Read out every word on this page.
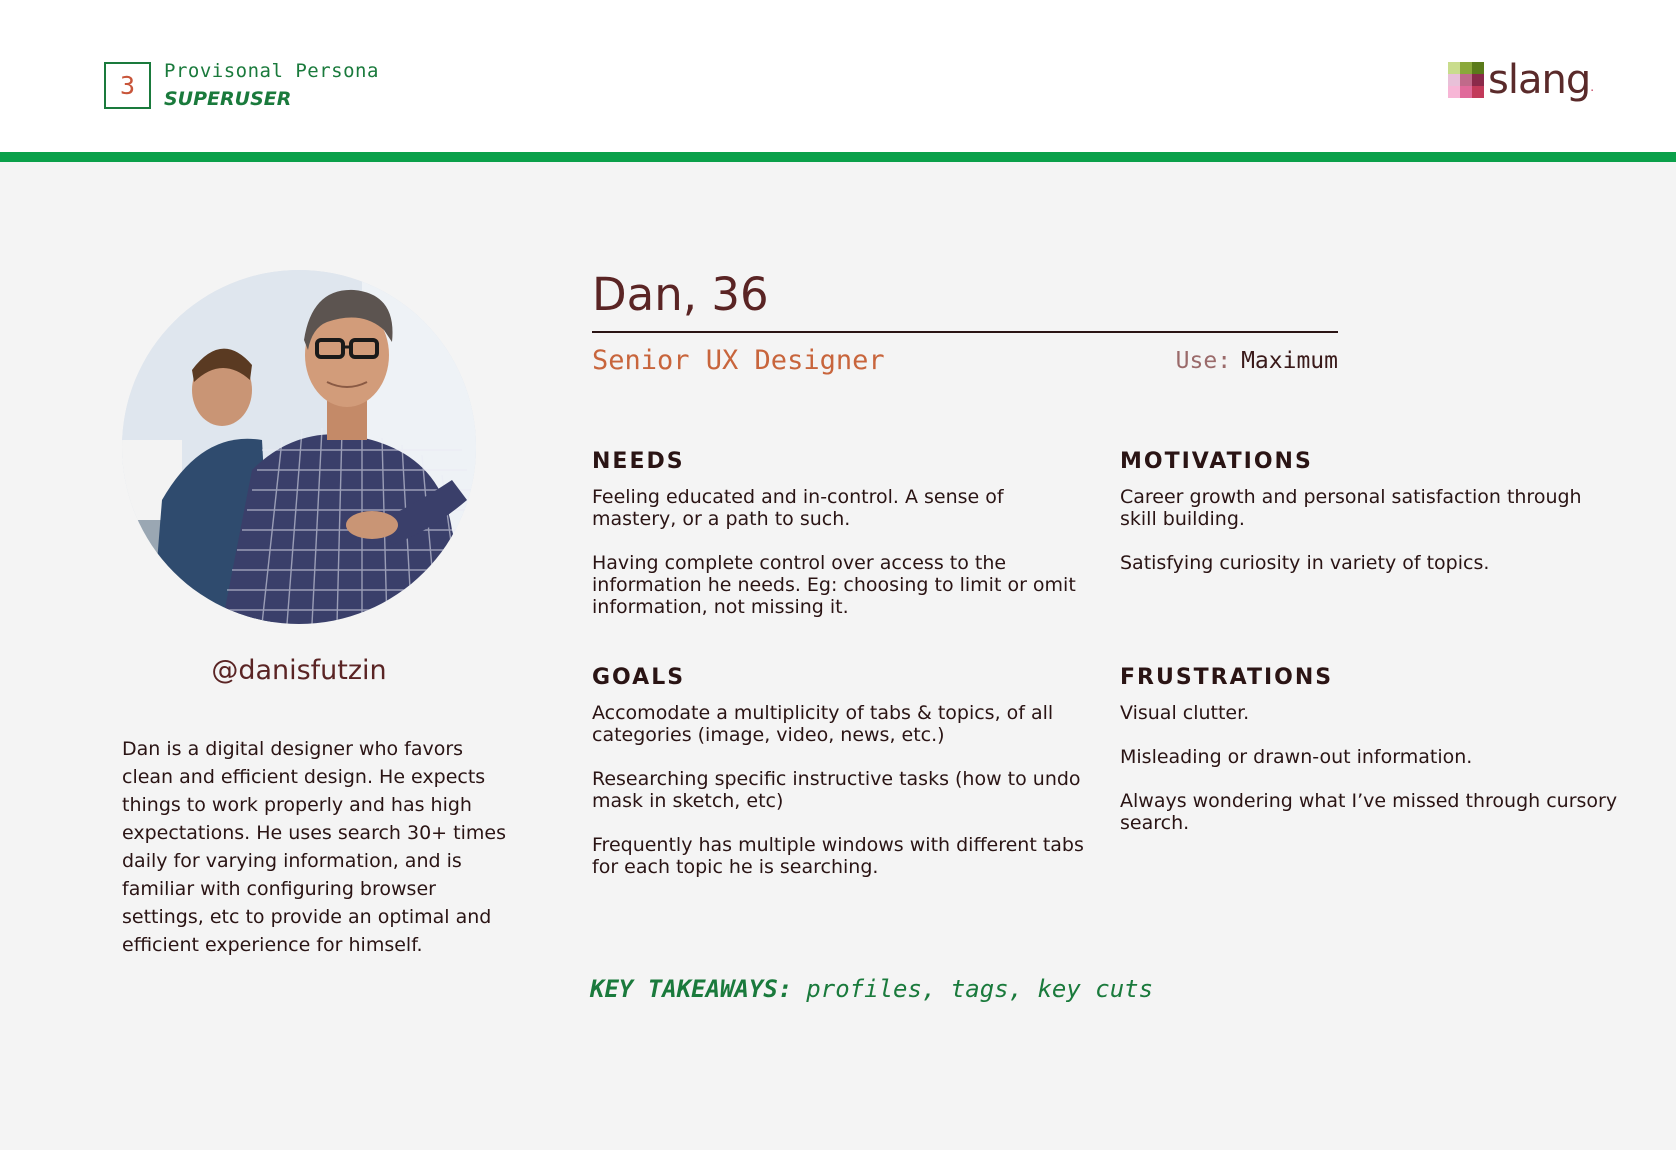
3	Provisonal Persona
SUPERUSER	slang .
@danisfutzin
Dan is a digital designer who favors clean and efficient design. He expects things to work properly and has high expectations. He uses search 30+ times daily for varying information, and is familiar with configuring browser settings, etc to provide an optimal and efficient experience for himself.
Dan, 36
Senior UX Designer	Use: Maximum
NEEDS

Feeling educated and in-control. A sense of mastery, or a path to such.

Having complete control over access to the information he needs. Eg: choosing to limit or omit information, not missing it.

MOTIVATIONS

Career growth and personal satisfaction through skill building.

Satisfying curiosity in variety of topics.

GOALS

Accomodate a multiplicity of tabs & topics, of all categories (image, video, news, etc.)

Researching specific instructive tasks (how to undo mask in sketch, etc)

Frequently has multiple windows with different tabs for each topic he is searching.

FRUSTRATIONS

Visual clutter.

Misleading or drawn-out information.

Always wondering what I’ve missed through cursory search.

KEY TAKEAWAYS: profiles, tags, key cuts
